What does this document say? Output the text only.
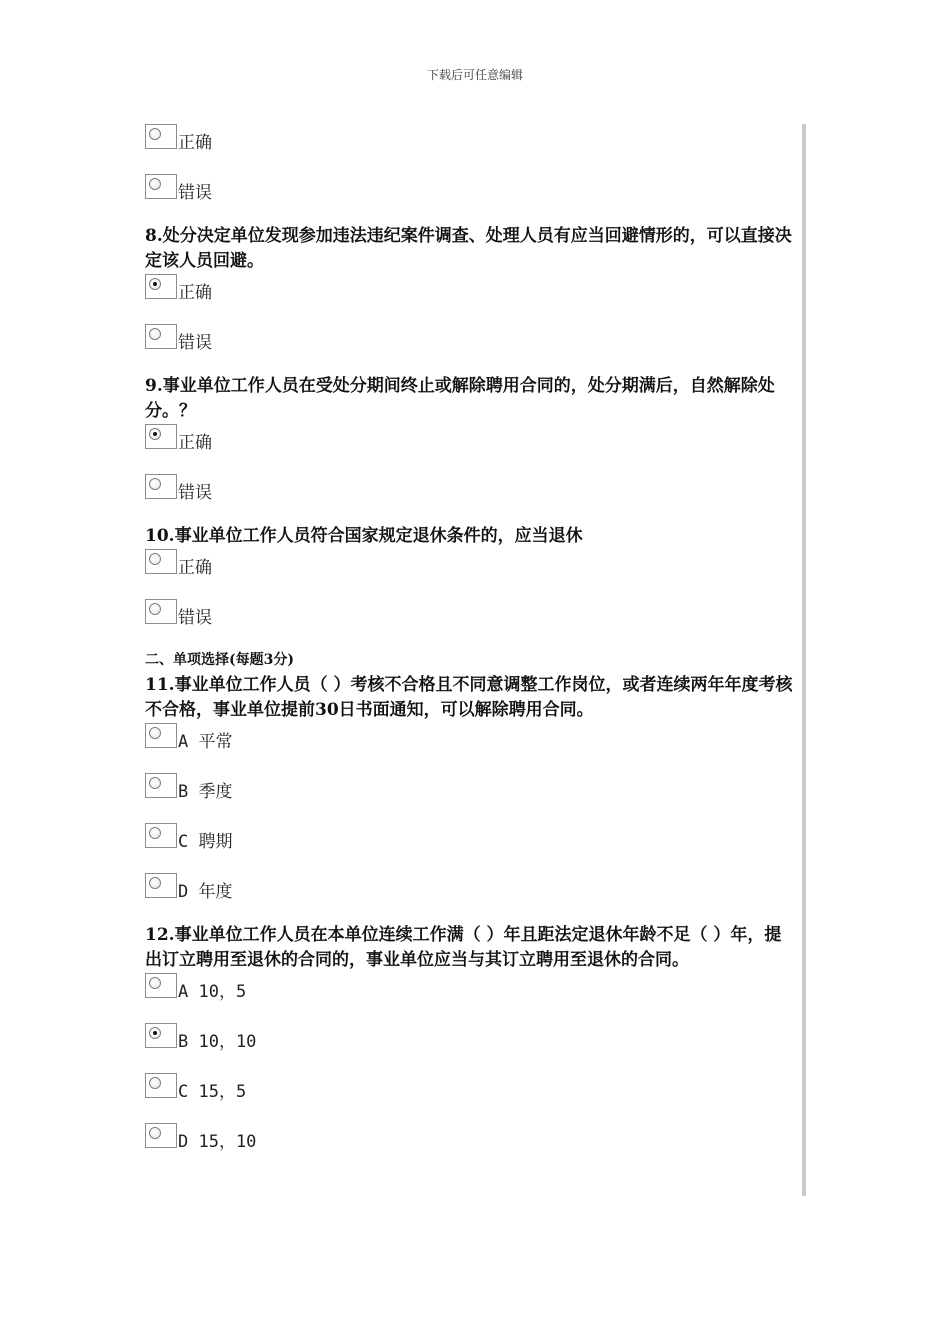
下载后可任意编辑
正确
错误
8.处分决定单位发现参加违法违纪案件调查、处理人员有应当回避情形的，可以直接决定该人员回避。
正确
错误
9.事业单位工作人员在受处分期间终止或解除聘用合同的，处分期满后，自然解除处分。？
正确
错误
10.事业单位工作人员符合国家规定退休条件的，应当退休
正确
错误
二、单项选择(每题3分)
11.事业单位工作人员（ ）考核不合格且不同意调整工作岗位，或者连续两年年度考核不合格，事业单位提前30日书面通知，可以解除聘用合同。
A 平常
B 季度
C 聘期
D 年度
12.事业单位工作人员在本单位连续工作满（ ）年且距法定退休年龄不足（ ）年，提出订立聘用至退休的合同的，事业单位应当与其订立聘用至退休的合同。
A 10，5
B 10，10
C 15，5
D 15，10
